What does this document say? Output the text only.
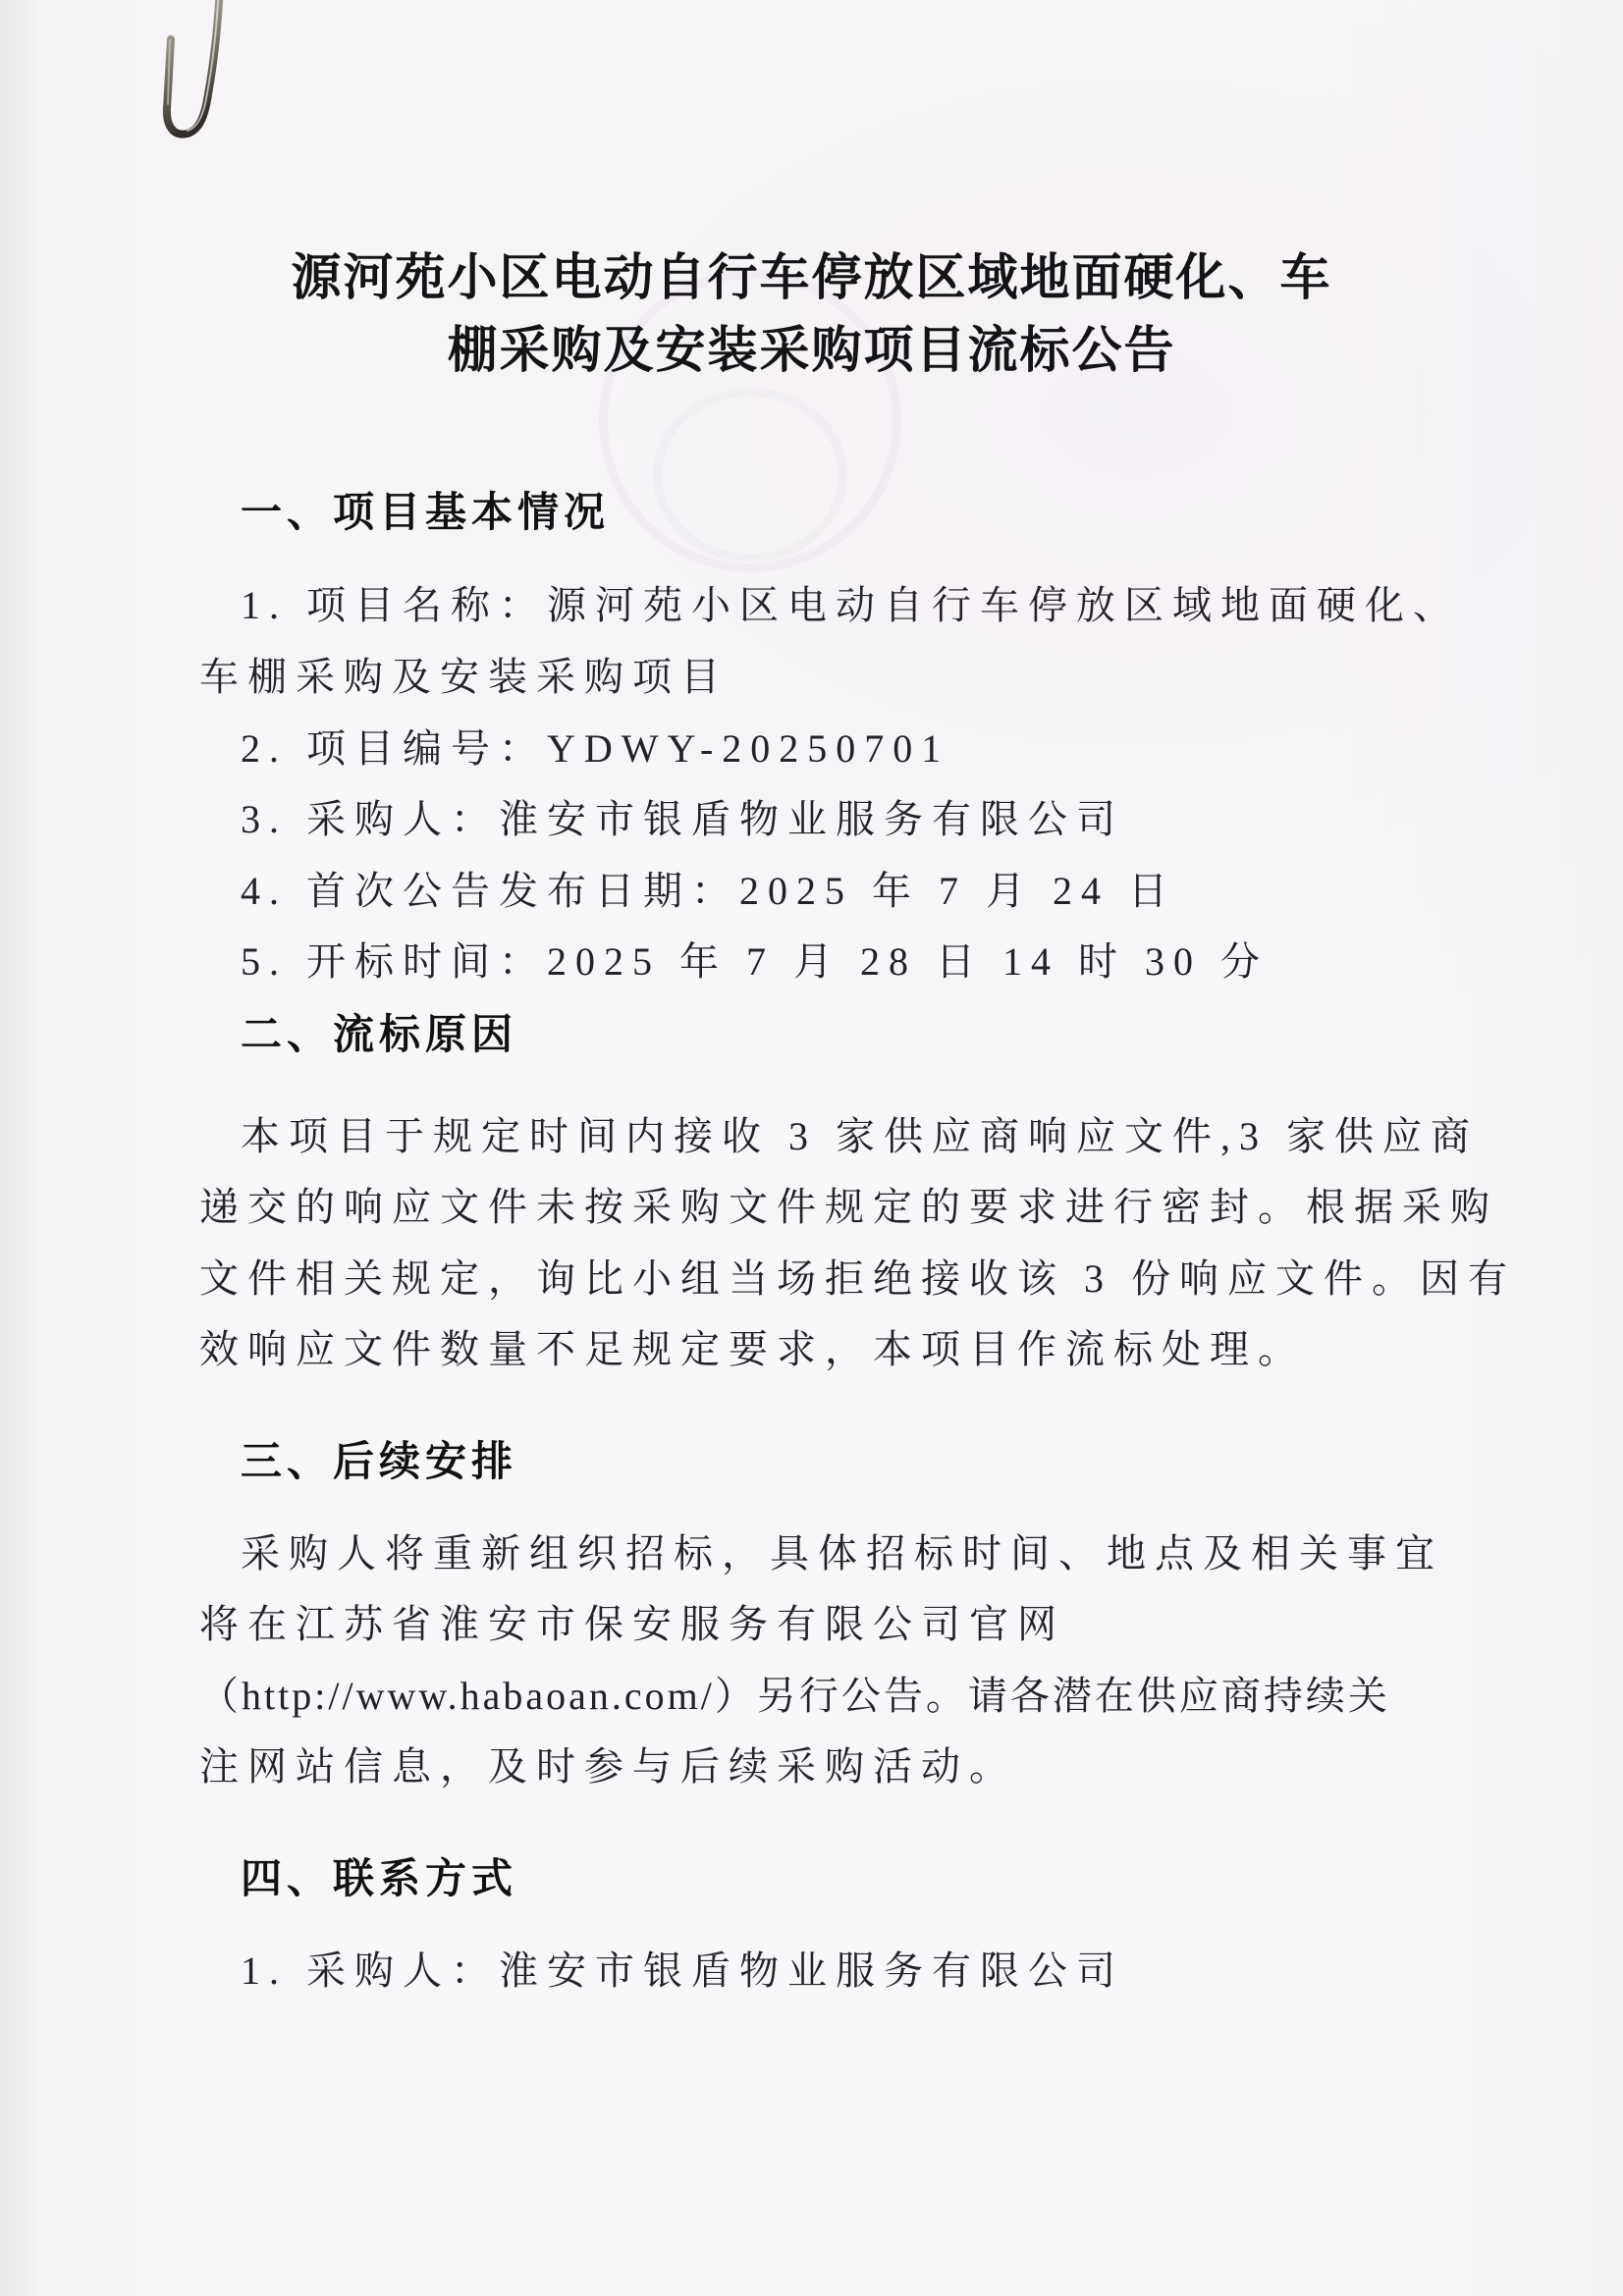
源河苑小区电动自行车停放区域地面硬化、车
棚采购及安装采购项目流标公告
一、项目基本情况
1. 项目名称：源河苑小区电动自行车停放区域地面硬化、
车棚采购及安装采购项目
2. 项目编号：YDWY-20250701
3. 采购人：淮安市银盾物业服务有限公司
4. 首次公告发布日期：2025 年 7 月 24 日
5. 开标时间：2025 年 7 月 28 日 14 时 30 分
二、流标原因
本项目于规定时间内接收 3 家供应商响应文件,3 家供应商
递交的响应文件未按采购文件规定的要求进行密封。根据采购
文件相关规定，询比小组当场拒绝接收该 3 份响应文件。因有
效响应文件数量不足规定要求，本项目作流标处理。
三、后续安排
采购人将重新组织招标，具体招标时间、地点及相关事宜
将在江苏省淮安市保安服务有限公司官网
（http://www.habaoan.com/）另行公告。请各潜在供应商持续关
注网站信息，及时参与后续采购活动。
四、联系方式
1. 采购人：淮安市银盾物业服务有限公司
